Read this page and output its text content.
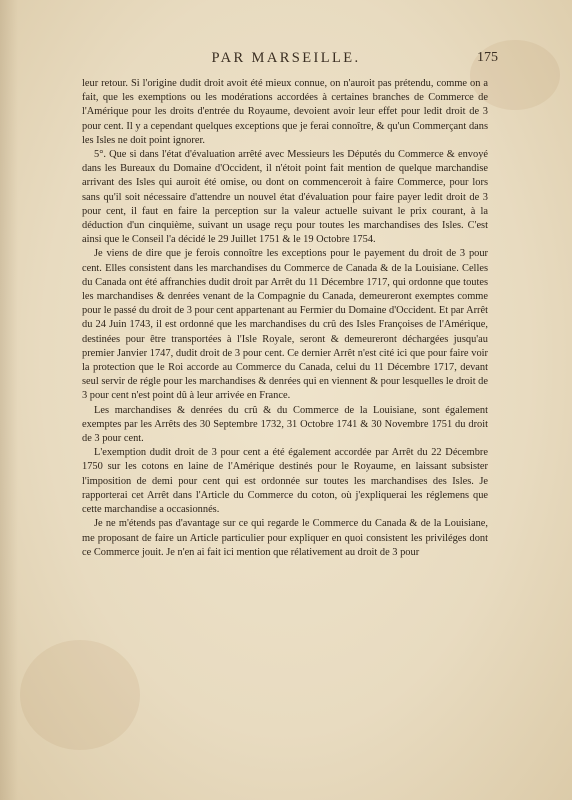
PAR MARSEILLE.	175

leur retour. Si l'origine dudit droit avoit été mieux connue, on n'auroit pas prétendu, comme on a fait, que les exemptions ou les modérations accordées à certaines branches de Commerce de l'Amérique pour les droits d'entrée du Royaume, devoient avoir leur effet pour ledit droit de 3 pour cent. Il y a cependant quelques exceptions que je ferai connoître, & qu'un Commerçant dans les Isles ne doit point ignorer.

5°. Que si dans l'état d'évaluation arrêté avec Messieurs les Députés du Commerce & envoyé dans les Bureaux du Domaine d'Occident, il n'étoit point fait mention de quelque marchandise arrivant des Isles qui auroit été omise, ou dont on commenceroit à faire Commerce, pour lors sans qu'il soit nécessaire d'attendre un nouvel état d'évaluation pour faire payer ledit droit de 3 pour cent, il faut en faire la perception sur la valeur actuelle suivant le prix courant, à la déduction d'un cinquième, suivant un usage reçu pour toutes les marchandises des Isles. C'est ainsi que le Conseil l'a décidé le 29 Juillet 1751 & le 19 Octobre 1754.

Je viens de dire que je ferois connoître les exceptions pour le payement du droit de 3 pour cent. Elles consistent dans les marchandises du Commerce de Canada & de la Louisiane. Celles du Canada ont été affranchies dudit droit par Arrêt du 11 Décembre 1717, qui ordonne que toutes les marchandises & denrées venant de la Compagnie du Canada, demeureront exemptes comme pour le passé du droit de 3 pour cent appartenant au Fermier du Domaine d'Occident. Et par Arrêt du 24 Juin 1743, il est ordonné que les marchandises du crû des Isles Françoises de l'Amérique, destinées pour être transportées à l'Isle Royale, seront & demeureront déchargées jusqu'au premier Janvier 1747, dudit droit de 3 pour cent. Ce dernier Arrêt n'est cité ici que pour faire voir la protection que le Roi accorde au Commerce du Canada, celui du 11 Décembre 1717, devant seul servir de régle pour les marchandises & denrées qui en viennent & pour lesquelles le droit de 3 pour cent n'est point dû à leur arrivée en France.

Les marchandises & denrées du crû & du Commerce de la Louisiane, sont également exemptes par les Arrêts des 30 Septembre 1732, 31 Octobre 1741 & 30 Novembre 1751 du droit de 3 pour cent.

L'exemption dudit droit de 3 pour cent a été également accordée par Arrêt du 22 Décembre 1750 sur les cotons en laine de l'Amérique destinés pour le Royaume, en laissant subsister l'imposition de demi pour cent qui est ordonnée sur toutes les marchandises des Isles. Je rapporterai cet Arrêt dans l'Article du Commerce du coton, où j'expliquerai les réglemens que cette marchandise a occasionnés.

Je ne m'étends pas d'avantage sur ce qui regarde le Commerce du Canada & de la Louisiane, me proposant de faire un Article particulier pour expliquer en quoi consistent les priviléges dont ce Commerce jouit. Je n'en ai fait ici mention que rélativement au droit de 3 pour
